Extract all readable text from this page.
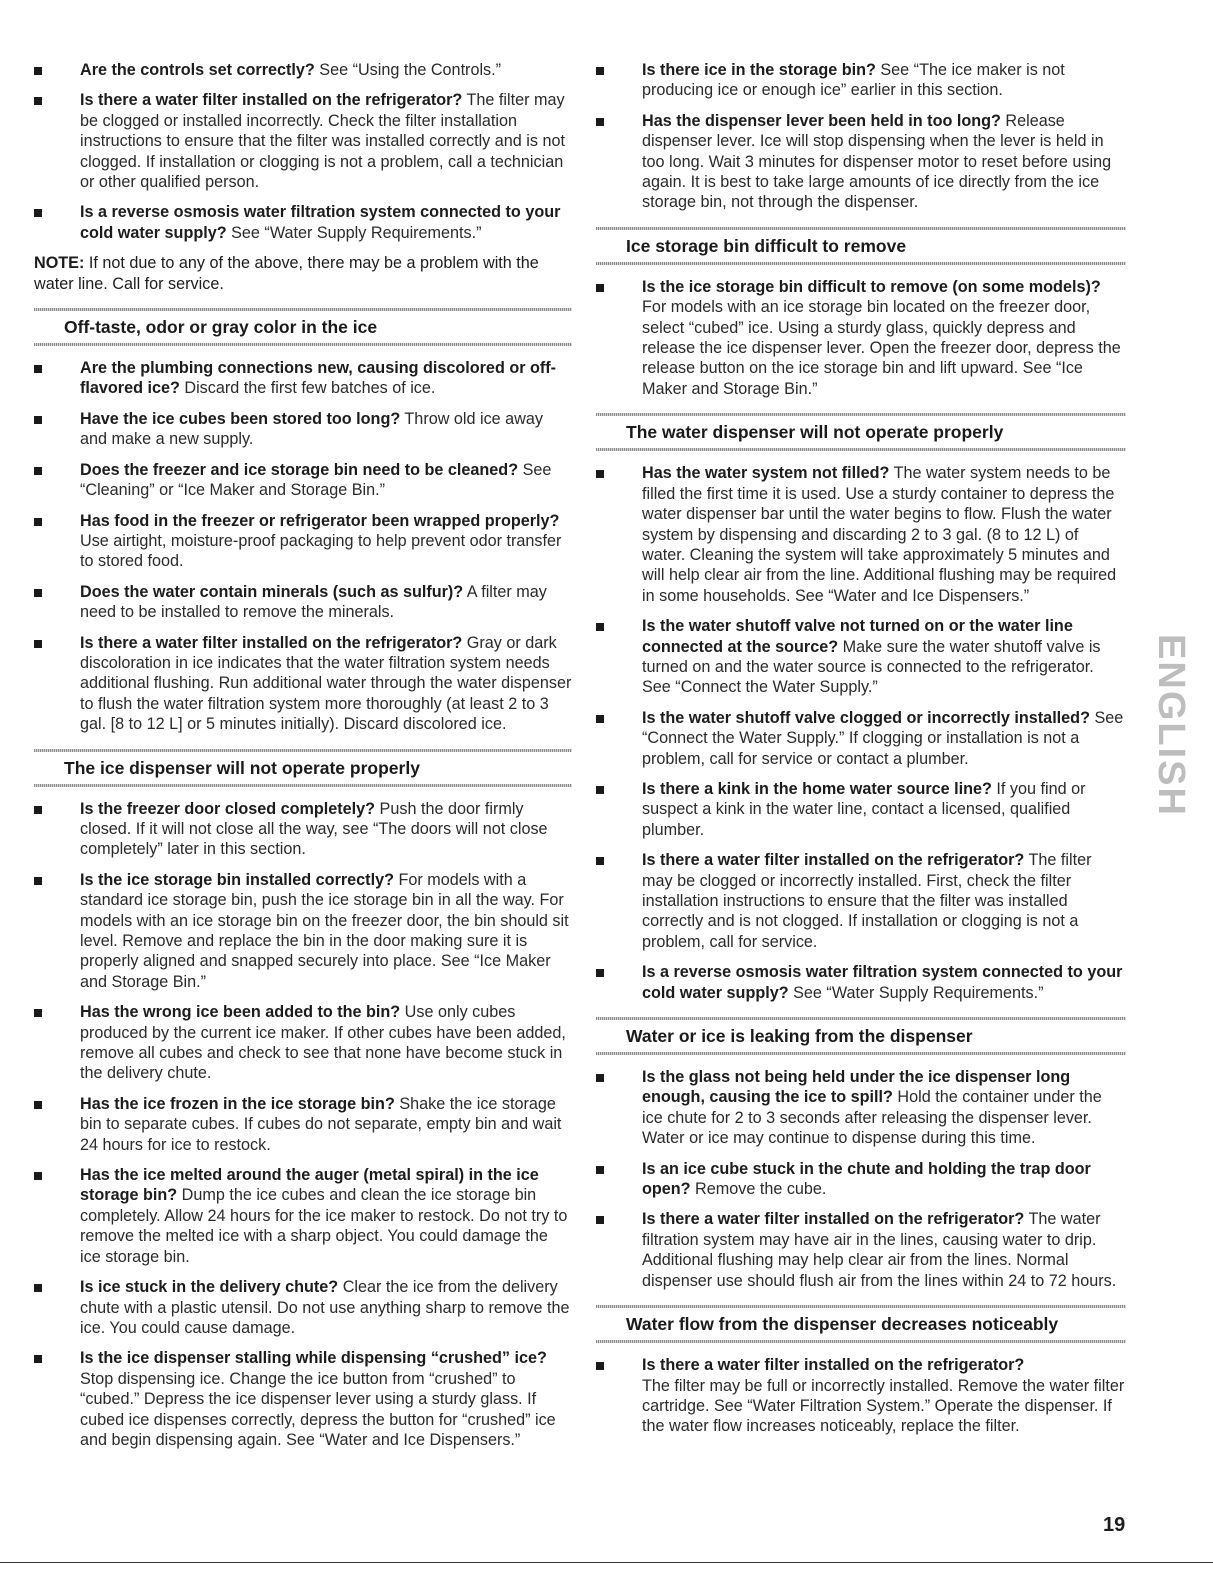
Are the controls set correctly? See “Using the Controls.”
Is there a water filter installed on the refrigerator? The filter may be clogged or installed incorrectly. Check the filter installation instructions to ensure that the filter was installed correctly and is not clogged. If installation or clogging is not a problem, call a technician or other qualified person.
Is a reverse osmosis water filtration system connected to your cold water supply? See “Water Supply Requirements.”
NOTE: If not due to any of the above, there may be a problem with the water line. Call for service.
Off-taste, odor or gray color in the ice
Are the plumbing connections new, causing discolored or off-flavored ice? Discard the first few batches of ice.
Have the ice cubes been stored too long? Throw old ice away and make a new supply.
Does the freezer and ice storage bin need to be cleaned? See “Cleaning” or “Ice Maker and Storage Bin.”
Has food in the freezer or refrigerator been wrapped properly? Use airtight, moisture-proof packaging to help prevent odor transfer to stored food.
Does the water contain minerals (such as sulfur)? A filter may need to be installed to remove the minerals.
Is there a water filter installed on the refrigerator? Gray or dark discoloration in ice indicates that the water filtration system needs additional flushing. Run additional water through the water dispenser to flush the water filtration system more thoroughly (at least 2 to 3 gal. [8 to 12 L] or 5 minutes initially). Discard discolored ice.
The ice dispenser will not operate properly
Is the freezer door closed completely? Push the door firmly closed. If it will not close all the way, see “The doors will not close completely” later in this section.
Is the ice storage bin installed correctly? For models with a standard ice storage bin, push the ice storage bin in all the way. For models with an ice storage bin on the freezer door, the bin should sit level. Remove and replace the bin in the door making sure it is properly aligned and snapped securely into place. See “Ice Maker and Storage Bin.”
Has the wrong ice been added to the bin? Use only cubes produced by the current ice maker. If other cubes have been added, remove all cubes and check to see that none have become stuck in the delivery chute.
Has the ice frozen in the ice storage bin? Shake the ice storage bin to separate cubes. If cubes do not separate, empty bin and wait 24 hours for ice to restock.
Has the ice melted around the auger (metal spiral) in the ice storage bin? Dump the ice cubes and clean the ice storage bin completely. Allow 24 hours for the ice maker to restock. Do not try to remove the melted ice with a sharp object. You could damage the ice storage bin.
Is ice stuck in the delivery chute? Clear the ice from the delivery chute with a plastic utensil. Do not use anything sharp to remove the ice. You could cause damage.
Is the ice dispenser stalling while dispensing “crushed” ice? Stop dispensing ice. Change the ice button from “crushed” to “cubed.” Depress the ice dispenser lever using a sturdy glass. If cubed ice dispenses correctly, depress the button for “crushed” ice and begin dispensing again. See “Water and Ice Dispensers.”
Is there ice in the storage bin? See “The ice maker is not producing ice or enough ice” earlier in this section.
Has the dispenser lever been held in too long? Release dispenser lever. Ice will stop dispensing when the lever is held in too long. Wait 3 minutes for dispenser motor to reset before using again. It is best to take large amounts of ice directly from the ice storage bin, not through the dispenser.
Ice storage bin difficult to remove
Is the ice storage bin difficult to remove (on some models)? For models with an ice storage bin located on the freezer door, select “cubed” ice. Using a sturdy glass, quickly depress and release the ice dispenser lever. Open the freezer door, depress the release button on the ice storage bin and lift upward. See “Ice Maker and Storage Bin.”
The water dispenser will not operate properly
Has the water system not filled? The water system needs to be filled the first time it is used. Use a sturdy container to depress the water dispenser bar until the water begins to flow. Flush the water system by dispensing and discarding 2 to 3 gal. (8 to 12 L) of water. Cleaning the system will take approximately 5 minutes and will help clear air from the line. Additional flushing may be required in some households. See “Water and Ice Dispensers.”
Is the water shutoff valve not turned on or the water line connected at the source? Make sure the water shutoff valve is turned on and the water source is connected to the refrigerator. See “Connect the Water Supply.”
Is the water shutoff valve clogged or incorrectly installed? See “Connect the Water Supply.” If clogging or installation is not a problem, call for service or contact a plumber.
Is there a kink in the home water source line? If you find or suspect a kink in the water line, contact a licensed, qualified plumber.
Is there a water filter installed on the refrigerator? The filter may be clogged or incorrectly installed. First, check the filter installation instructions to ensure that the filter was installed correctly and is not clogged. If installation or clogging is not a problem, call for service.
Is a reverse osmosis water filtration system connected to your cold water supply? See “Water Supply Requirements.”
Water or ice is leaking from the dispenser
Is the glass not being held under the ice dispenser long enough, causing the ice to spill? Hold the container under the ice chute for 2 to 3 seconds after releasing the dispenser lever. Water or ice may continue to dispense during this time.
Is an ice cube stuck in the chute and holding the trap door open? Remove the cube.
Is there a water filter installed on the refrigerator? The water filtration system may have air in the lines, causing water to drip. Additional flushing may help clear air from the lines. Normal dispenser use should flush air from the lines within 24 to 72 hours.
Water flow from the dispenser decreases noticeably
Is there a water filter installed on the refrigerator?
The filter may be full or incorrectly installed. Remove the water filter cartridge. See “Water Filtration System.” Operate the dispenser. If the water flow increases noticeably, replace the filter.
ENGLISH
19
